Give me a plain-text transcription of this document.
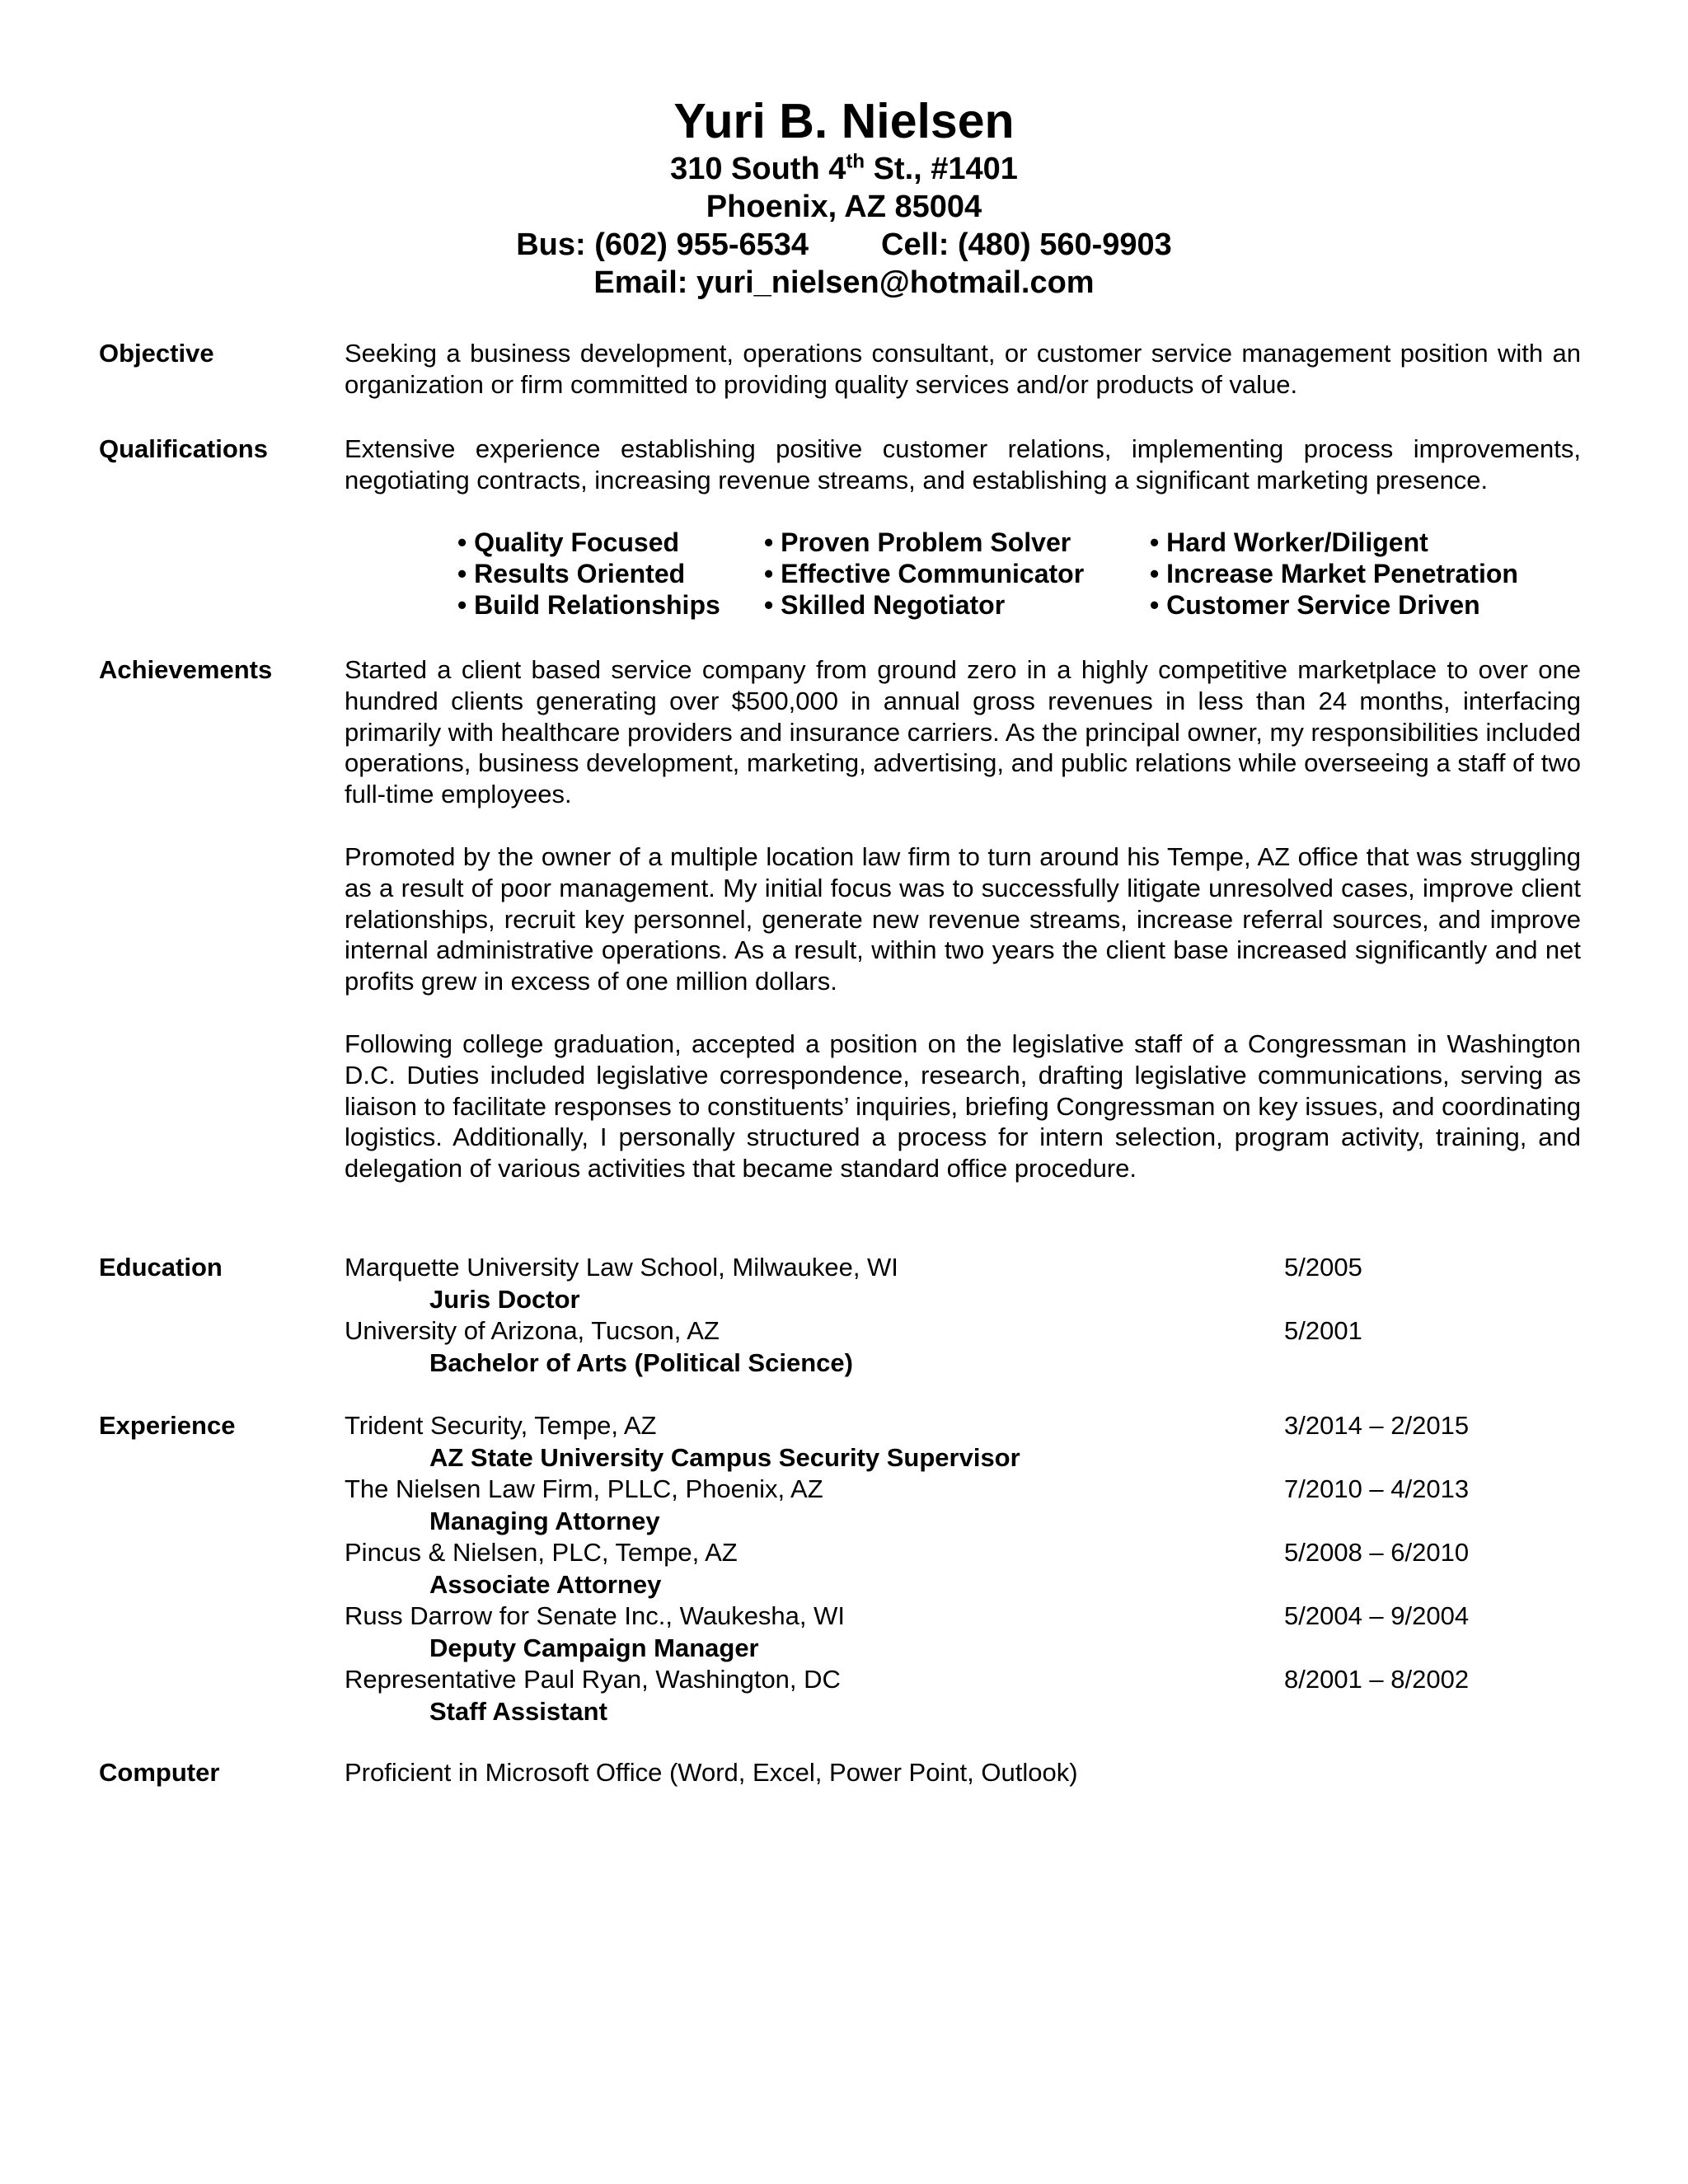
Yuri B. Nielsen
310 South 4th St., #1401
Phoenix, AZ 85004
Bus: (602) 955-6534 Cell: (480) 560-9903
Email: yuri_nielsen@hotmail.com
Objective	Seeking a business development, operations consultant, or customer service management position with an organization or firm committed to providing quality services and/or products of value.

Qualifications	Extensive experience establishing positive customer relations, implementing process improvements, negotiating contracts, increasing revenue streams, and establishing a significant marketing presence.

• Quality Focused	• Proven Problem Solver	• Hard Worker/Diligent
• Results Oriented	• Effective Communicator • Increase Market Penetration
• Build Relationships • Skilled Negotiator	• Customer Service Driven
Achievements	Started a client based service company from ground zero in a highly competitive marketplace to over one hundred clients generating over $500,000 in annual gross revenues in less than 24 months, interfacing primarily with healthcare providers and insurance carriers. As the principal owner, my responsibilities included operations, business development, marketing, advertising, and public relations while overseeing a staff of two full-time employees.

Promoted by the owner of a multiple location law firm to turn around his Tempe, AZ office that was struggling as a result of poor management. My initial focus was to successfully litigate unresolved cases, improve client relationships, recruit key personnel, generate new revenue streams, increase referral sources, and improve internal administrative operations. As a result, within two years the client base increased significantly and net profits grew in excess of one million dollars.

Following college graduation, accepted a position on the legislative staff of a Congressman in Washington D.C. Duties included legislative correspondence, research, drafting legislative communications, serving as liaison to facilitate responses to constituents’ inquiries, briefing Congressman on key issues, and coordinating logistics. Additionally, I personally structured a process for intern selection, program activity, training, and delegation of various activities that became standard office procedure.

Education	Marquette University Law School, Milwaukee, WI	5/2005
Juris Doctor
University of Arizona, Tucson, AZ	5/2001
Bachelor of Arts (Political Science)
Experience	Trident Security, Tempe, AZ	3/2014 – 2/2015
AZ State University Campus Security Supervisor
The Nielsen Law Firm, PLLC, Phoenix, AZ	7/2010 – 4/2013
Managing Attorney
Pincus & Nielsen, PLC, Tempe, AZ	5/2008 – 6/2010
Associate Attorney
Russ Darrow for Senate Inc., Waukesha, WI	5/2004 – 9/2004
Deputy Campaign Manager
Representative Paul Ryan, Washington, DC	8/2001 – 8/2002
Staff Assistant
Computer	Proficient in Microsoft Office (Word, Excel, Power Point, Outlook)
